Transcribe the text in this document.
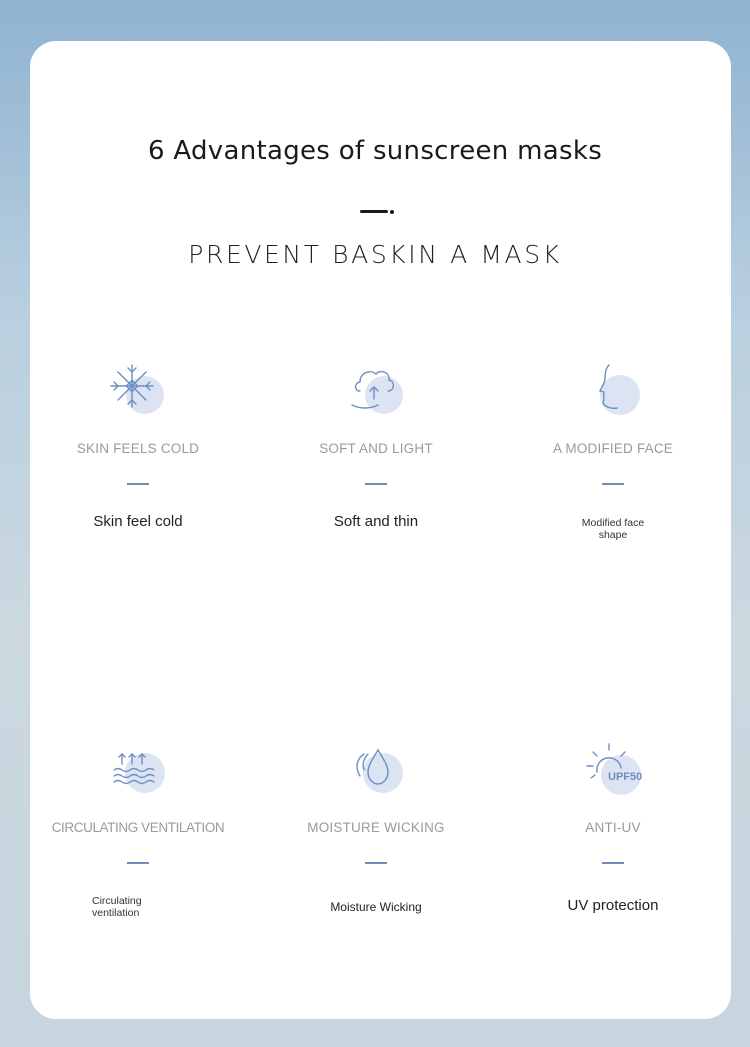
6 Advantages of sunscreen masks
PREVENT BASKIN A MASK
SKIN FEELS COLD
Skin feel cold
SOFT AND LIGHT
Soft and thin
A MODIFIED FACE
Modified face
shape
CIRCULATING VENTILATION
Circulating
ventilation
MOISTURE WICKING
Moisture Wicking
UPF50
ANTI-UV
UV protection
